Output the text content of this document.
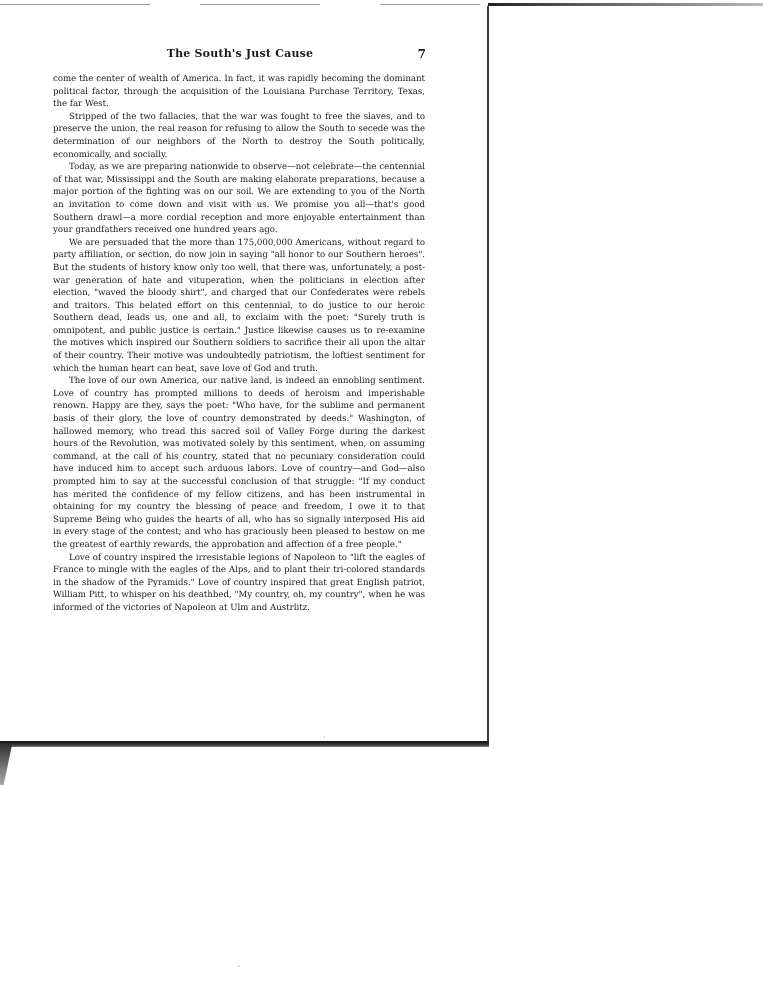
The South's Just Cause	7

come the center of wealth of America. In fact, it was rapidly becoming the dominant political factor, through the acquisition of the Louisiana Purchase Territory, Texas, the far West.

Stripped of the two fallacies, that the war was fought to free the slaves, and to preserve the union, the real reason for refusing to allow the South to secede was the determination of our neighbors of the North to destroy the South politically, economically, and socially.

Today, as we are preparing nationwide to observe—not celebrate—the centennial of that war, Mississippi and the South are making elaborate preparations, because a major portion of the fighting was on our soil. We are extending to you of the North an invitation to come down and visit with us. We promise you all—that's good Southern drawl—a more cordial reception and more enjoyable entertainment than your grandfathers received one hundred years ago.

We are persuaded that the more than 175,000,000 Americans, without regard to party affiliation, or section, do now join in saying "all honor to our Southern heroes". But the students of history know only too well, that there was, unfortunately, a post-war generation of hate and vituperation, when the politicians in election after election, "waved the bloody shirt", and charged that our Confederates were rebels and traitors. This belated effort on this centennial, to do justice to our heroic Southern dead, leads us, one and all, to exclaim with the poet: "Surely truth is omnipotent, and public justice is certain." Justice likewise causes us to re-examine the motives which inspired our Southern soldiers to sacrifice their all upon the altar of their country. Their motive was undoubtedly patriotism, the loftiest sentiment for which the human heart can beat, save love of God and truth.

The love of our own America, our native land, is indeed an ennobling sentiment. Love of country has prompted millions to deeds of heroism and imperishable renown. Happy are they, says the poet: "Who have, for the sublime and permanent basis of their glory, the love of country demonstrated by deeds." Washington, of hallowed memory, who tread this sacred soil of Valley Forge during the darkest hours of the Revolution, was motivated solely by this sentiment, when, on assuming command, at the call of his country, stated that no pecuniary consideration could have induced him to accept such arduous labors. Love of country—and God—also prompted him to say at the successful conclusion of that struggle: "If my conduct has merited the confidence of my fellow citizens, and has been instrumental in obtaining for my country the blessing of peace and freedom, I owe it to that Supreme Being who guides the hearts of all, who has so signally interposed His aid in every stage of the contest; and who has graciously been pleased to bestow on me the greatest of earthly rewards, the approbation and affection of a free people."

Love of country inspired the irresistable legions of Napoleon to "lift the eagles of France to mingle with the eagles of the Alps, and to plant their tri-colored standards in the shadow of the Pyramids." Love of country inspired that great English patriot, William Pitt, to whisper on his deathbed, "My country, oh, my country", when he was informed of the victories of Napoleon at Ulm and Austrlitz.

·
˛
